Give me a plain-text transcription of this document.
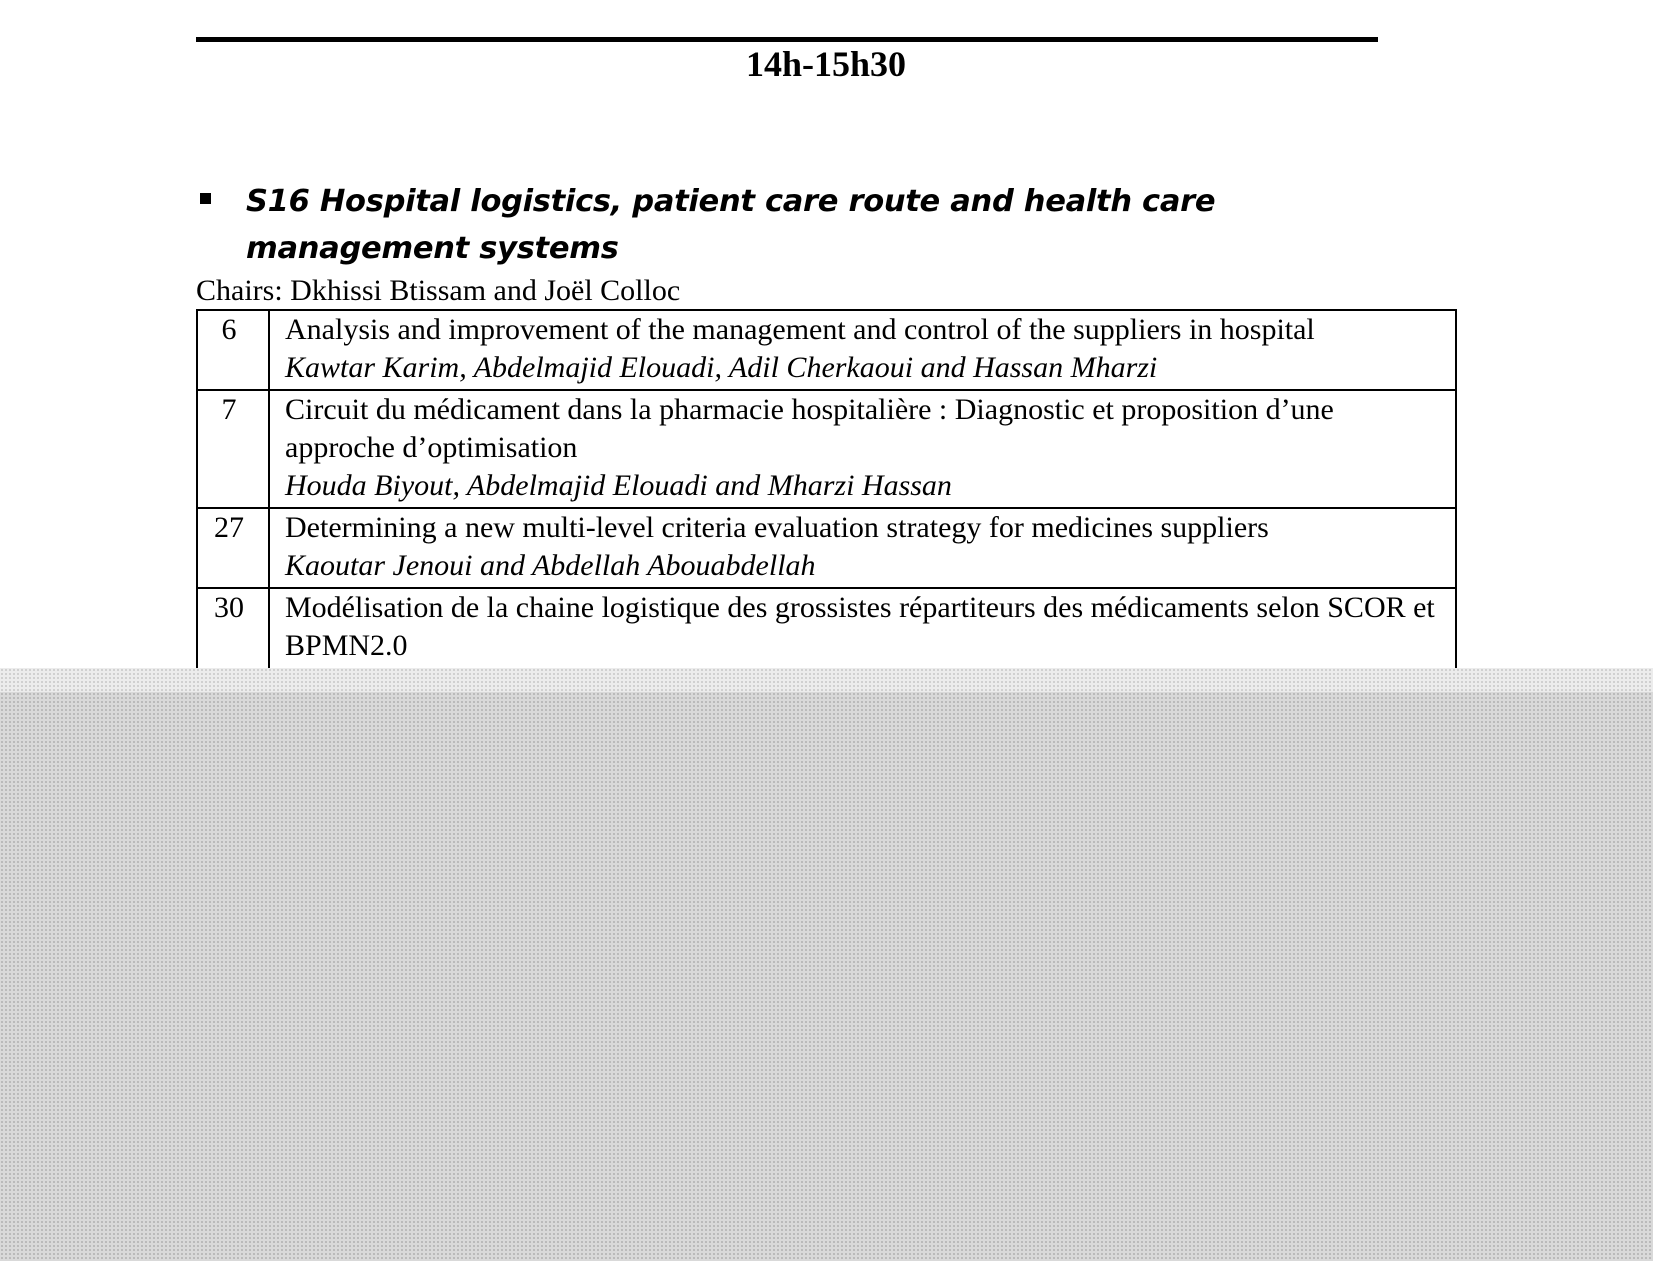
14h-15h30
S16 Hospital logistics, patient care route and health care management systems
Chairs: Dkhissi Btissam and Joël Colloc
6	Analysis and improvement of the management and control of the suppliers in hospital
Kawtar Karim, Abdelmajid Elouadi, Adil Cherkaoui and Hassan Mharzi

7	Circuit du médicament dans la pharmacie hospitalière : Diagnostic et proposition d’une approche d’optimisation
Houda Biyout, Abdelmajid Elouadi and Mharzi Hassan

27	Determining a new multi-level criteria evaluation strategy for medicines suppliers
Kaoutar Jenoui and Abdellah Abouabdellah

30	Modélisation de la chaine logistique des grossistes répartiteurs des médicaments selon SCOR et BPMN2.0
